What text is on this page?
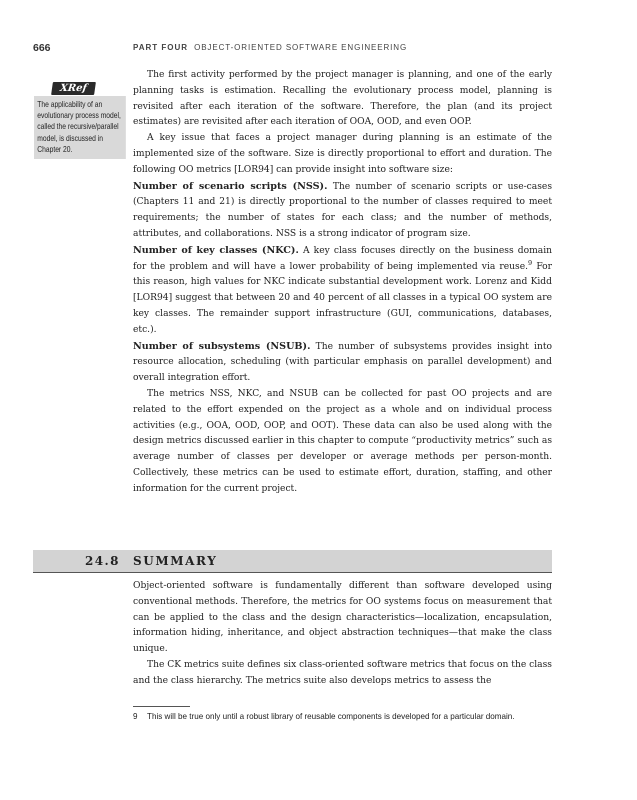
666	PART FOUR OBJECT-ORIENTED SOFTWARE ENGINEERING
XRef
The applicability of an evolutionary process model, called the recursive/parallel model, is discussed in Chapter 20.

The first activity performed by the project manager is planning, and one of the early planning tasks is estimation. Recalling the evolutionary process model, planning is revisited after each iteration of the software. Therefore, the plan (and its project estimates) are revisited after each iteration of OOA, OOD, and even OOP.

A key issue that faces a project manager during planning is an estimate of the implemented size of the software. Size is directly proportional to effort and duration. The following OO metrics [LOR94] can provide insight into software size:

Number of scenario scripts (NSS). The number of scenario scripts or use-cases (Chapters 11 and 21) is directly proportional to the number of classes required to meet requirements; the number of states for each class; and the number of methods, attributes, and collaborations. NSS is a strong indicator of program size.

Number of key classes (NKC). A key class focuses directly on the business domain for the problem and will have a lower probability of being implemented via reuse.$^9$ For this reason, high values for NKC indicate substantial development work. Lorenz and Kidd [LOR94] suggest that between 20 and 40 percent of all classes in a typical OO system are key classes. The remainder support infrastructure (GUI, communications, databases, etc.).

Number of subsystems (NSUB). The number of subsystems provides insight into resource allocation, scheduling (with particular emphasis on parallel development) and overall integration effort.

The metrics NSS, NKC, and NSUB can be collected for past OO projects and are related to the effort expended on the project as a whole and on individual process activities (e.g., OOA, OOD, OOP, and OOT). These data can also be used along with the design metrics discussed earlier in this chapter to compute “productivity metrics” such as average number of classes per developer or average methods per person-month. Collectively, these metrics can be used to estimate effort, duration, staffing, and other information for the current project.

24.8 SUMMARY

Object-oriented software is fundamentally different than software developed using conventional methods. Therefore, the metrics for OO systems focus on measurement that can be applied to the class and the design characteristics—localization, encapsulation, information hiding, inheritance, and object abstraction techniques—that make the class unique.

The CK metrics suite defines six class-oriented software metrics that focus on the class and the class hierarchy. The metrics suite also develops metrics to assess the

9 This will be true only until a robust library of reusable components is developed for a particular domain.
